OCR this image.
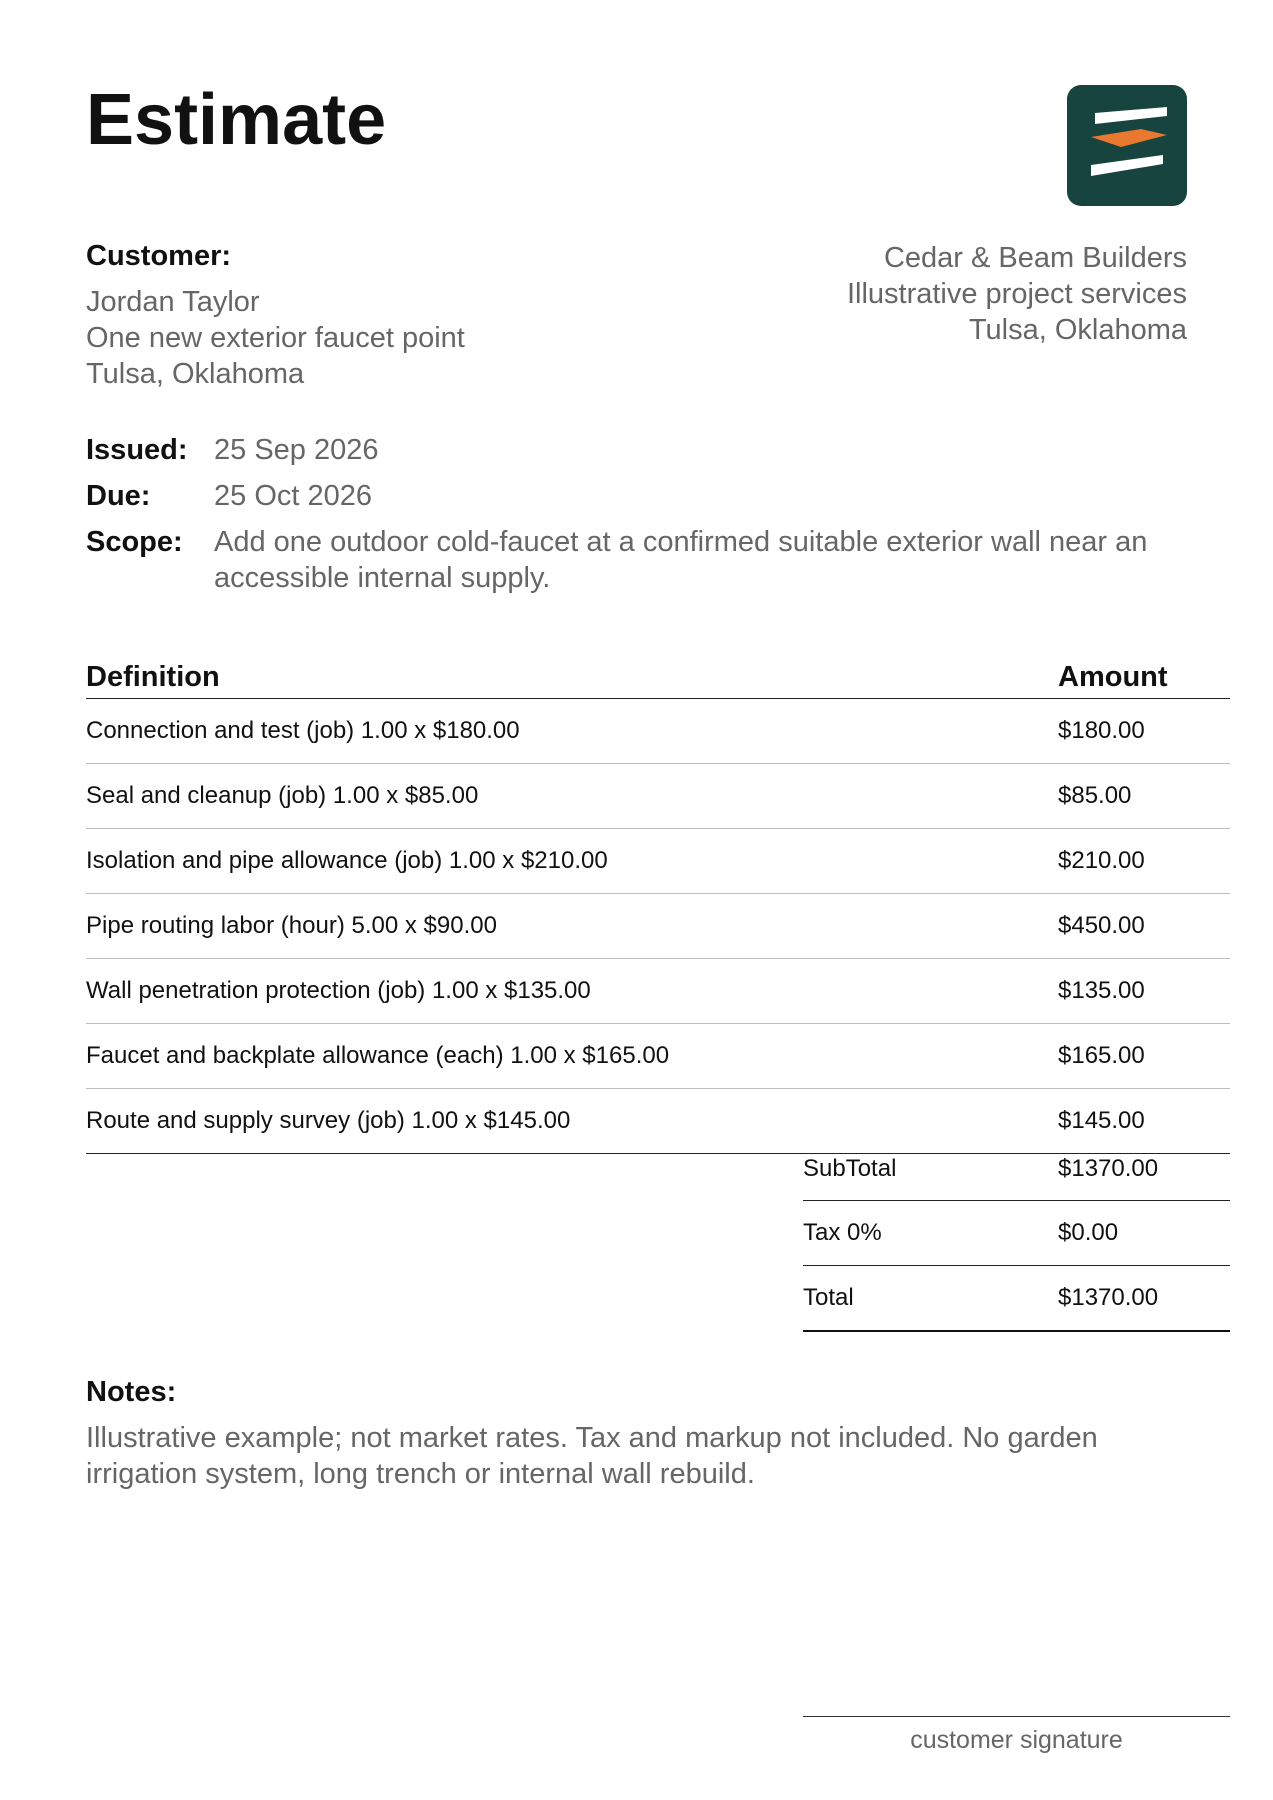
Estimate
Customer:
Jordan Taylor
One new exterior faucet point
Tulsa, Oklahoma
Cedar & Beam Builders
Illustrative project services
Tulsa, Oklahoma
Issued: 25 Sep 2026
Due:	25 Oct 2026
Scope:	Add one outdoor cold-faucet at a confirmed suitable exterior wall near an accessible internal supply.
Definition	Amount
Connection and test (job) 1.00 x $180.00	$180.00
Seal and cleanup (job) 1.00 x $85.00	$85.00
Isolation and pipe allowance (job) 1.00 x $210.00	$210.00
Pipe routing labor (hour) 5.00 x $90.00	$450.00
Wall penetration protection (job) 1.00 x $135.00	$135.00
Faucet and backplate allowance (each) 1.00 x $165.00	$165.00
Route and supply survey (job) 1.00 x $145.00	$145.00
SubTotal	$1370.00
Tax 0%	$0.00
Total	$1370.00
Notes:
Illustrative example; not market rates. Tax and markup not included. No garden irrigation system, long trench or internal wall rebuild.
customer signature
